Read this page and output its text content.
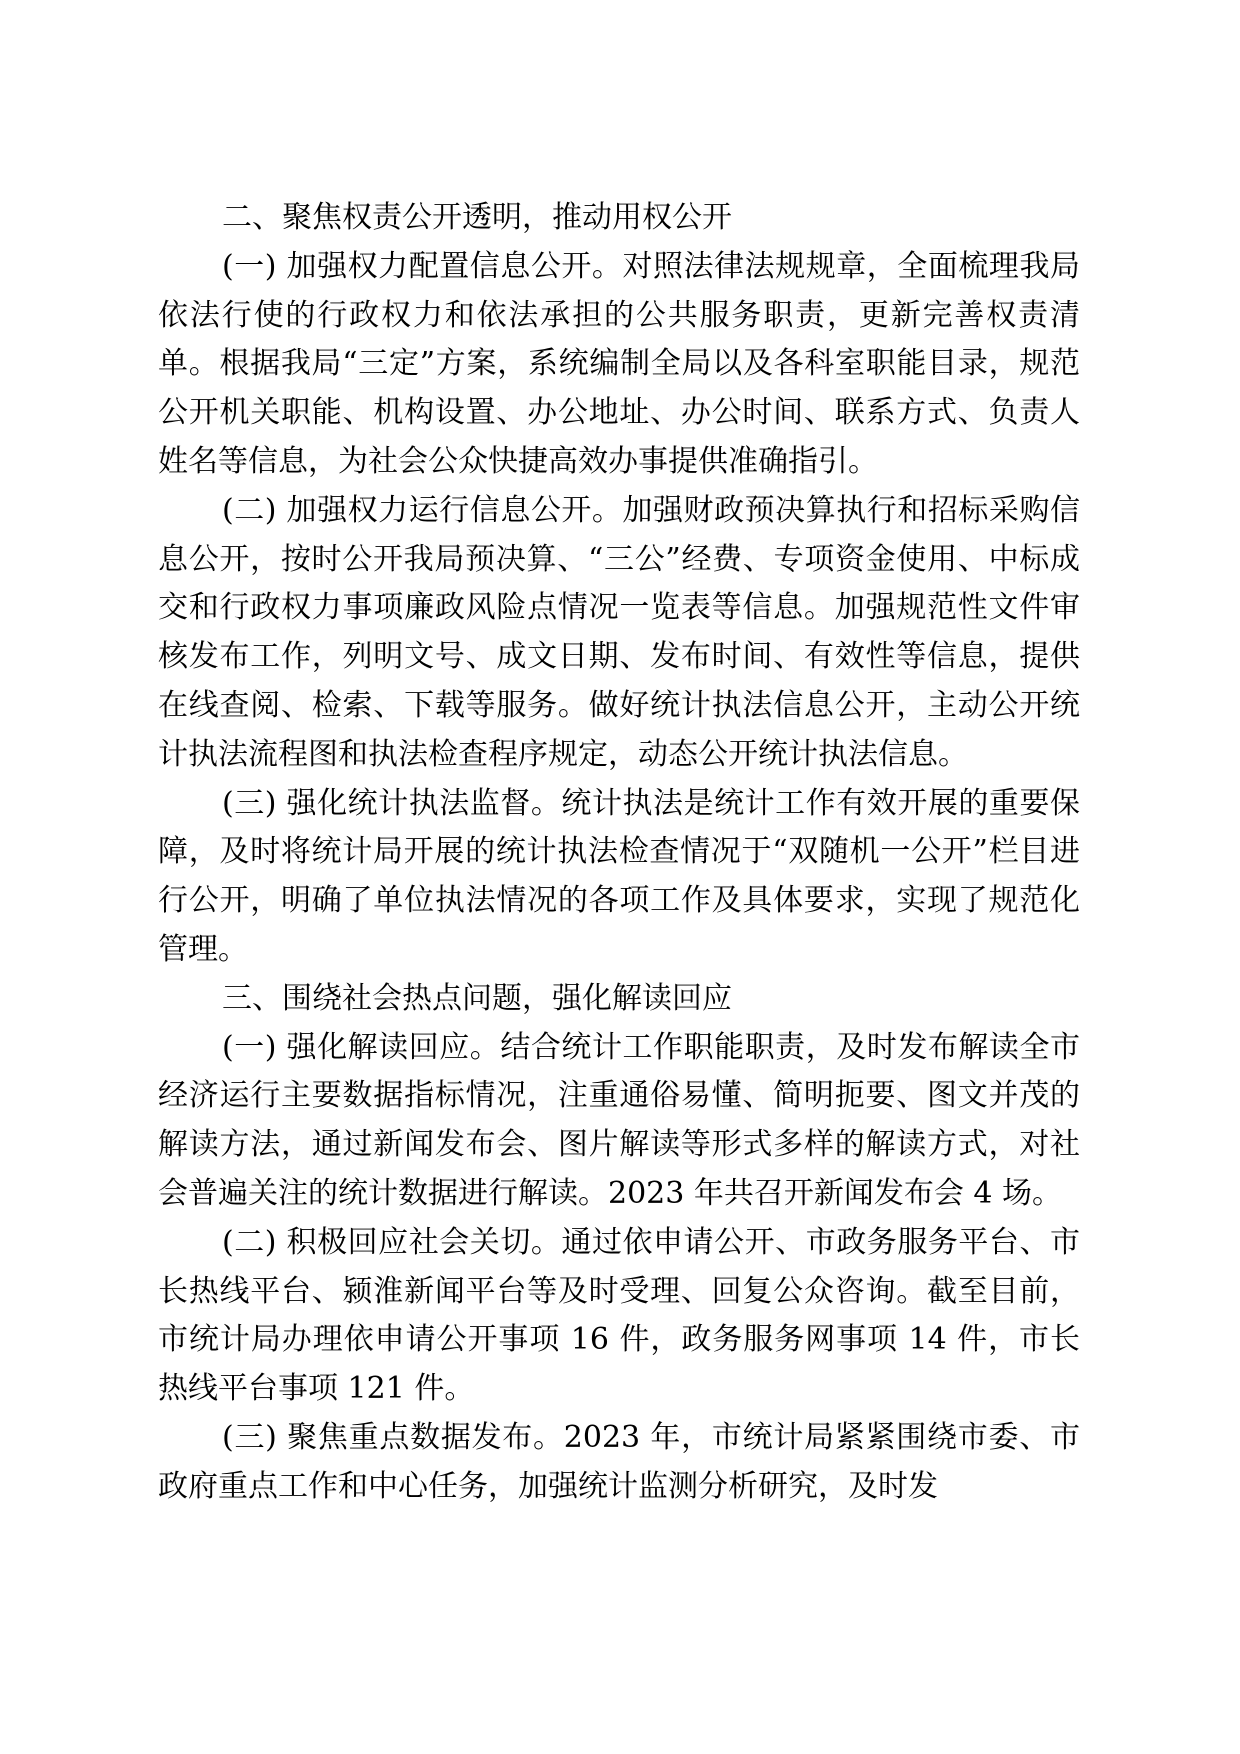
二、聚焦权责公开透明，推动用权公开

(一) 加强权力配置信息公开。对照法律法规规章，全面梳理我局依法行使的行政权力和依法承担的公共服务职责，更新完善权责清单。根据我局“三定”方案，系统编制全局以及各科室职能目录，规范公开机关职能、机构设置、办公地址、办公时间、联系方式、负责人姓名等信息，为社会公众快捷高效办事提供准确指引。

(二) 加强权力运行信息公开。加强财政预决算执行和招标采购信息公开，按时公开我局预决算、“三公”经费、专项资金使用、中标成交和行政权力事项廉政风险点情况一览表等信息。加强规范性文件审核发布工作，列明文号、成文日期、发布时间、有效性等信息，提供在线查阅、检索、下载等服务。做好统计执法信息公开，主动公开统计执法流程图和执法检查程序规定，动态公开统计执法信息。

(三) 强化统计执法监督。统计执法是统计工作有效开展的重要保障，及时将统计局开展的统计执法检查情况于“双随机一公开”栏目进行公开，明确了单位执法情况的各项工作及具体要求，实现了规范化管理。

三、围绕社会热点问题，强化解读回应

(一) 强化解读回应。结合统计工作职能职责，及时发布解读全市经济运行主要数据指标情况，注重通俗易懂、简明扼要、图文并茂的解读方法，通过新闻发布会、图片解读等形式多样的解读方式，对社会普遍关注的统计数据进行解读。2023 年共召开新闻发布会 4 场。

(二) 积极回应社会关切。通过依申请公开、市政务服务平台、市长热线平台、颍淮新闻平台等及时受理、回复公众咨询。截至目前，市统计局办理依申请公开事项 16 件，政务服务网事项 14 件，市长热线平台事项 121 件。

(三) 聚焦重点数据发布。2023 年，市统计局紧紧围绕市委、市政府重点工作和中心任务，加强统计监测分析研究，及时发
